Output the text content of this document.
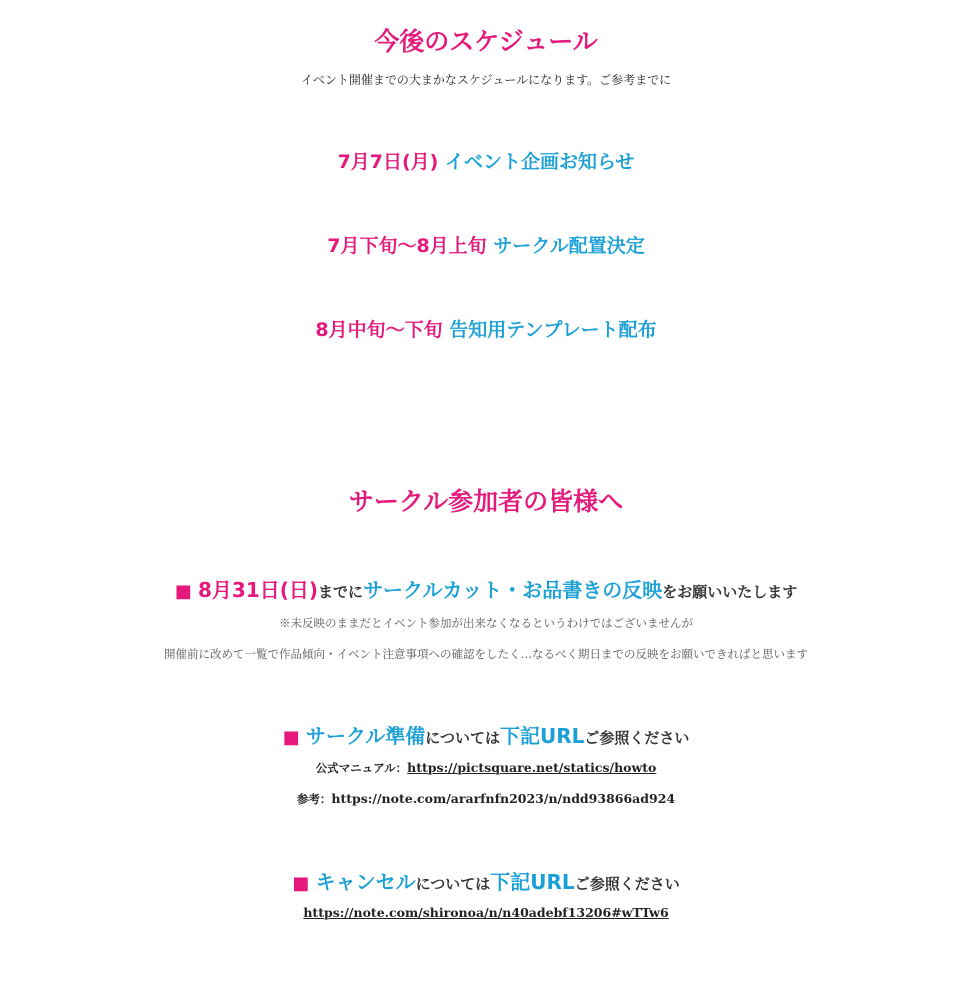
今後のスケジュール
イベント開催までの大まかなスケジュールになります。ご参考までに
7月7日(月) イベント企画お知らせ
7月下旬〜8月上旬 サークル配置決定
8月中旬〜下旬 告知用テンプレート配布
サークル参加者の皆様へ
■ 8月31日(日)までにサークルカット・お品書きの反映をお願いいたします
※未反映のままだとイベント参加が出来なくなるというわけではございませんが
開催前に改めて一覧で作品傾向・イベント注意事項への確認をしたく…なるべく期日までの反映をお願いできればと思います
■ サークル準備については下記URLご参照ください
公式マニュアル：https://pictsquare.net/statics/howto
参考：https://note.com/ararfnfn2023/n/ndd93866ad924
■ キャンセルについては下記URLご参照ください
https://note.com/shironoa/n/n40adebf13206#wTTw6
